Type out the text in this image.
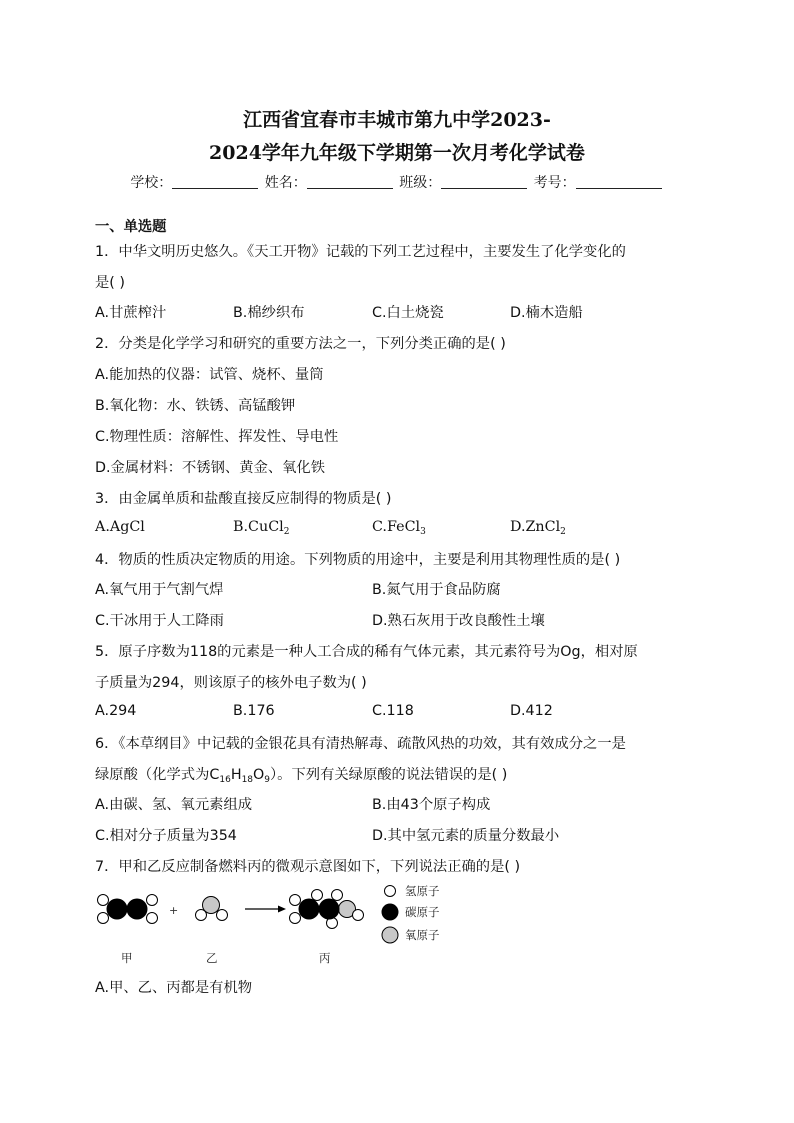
江西省宜春市丰城市第九中学2023-
2024学年九年级下学期第一次月考化学试卷
学校：	姓名：	班级：	考号：
一、单选题
1．中华文明历史悠久。《天工开物》记载的下列工艺过程中，主要发生了化学变化的
是( )
A.甘蔗榨汁	B.棉纱织布	C.白土烧瓷	D.楠木造船
2．分类是化学学习和研究的重要方法之一，下列分类正确的是( )
A.能加热的仪器：试管、烧杯、量筒
B.氧化物：水、铁锈、高锰酸钾
C.物理性质：溶解性、挥发性、导电性
D.金属材料：不锈钢、黄金、氧化铁
3．由金属单质和盐酸直接反应制得的物质是( )
A.AgCl	B.CuCl$_2$	C.FeCl$_3$	D.ZnCl$_2$
4．物质的性质决定物质的用途。下列物质的用途中，主要是利用其物理性质的是( )
A.氧气用于气割气焊	B.氮气用于食品防腐
C.干冰用于人工降雨	D.熟石灰用于改良酸性土壤
5．原子序数为118的元素是一种人工合成的稀有气体元素，其元素符号为Og，相对原
子质量为294，则该原子的核外电子数为( )
A.294	B.176	C.118	D.412
6．《本草纲目》中记载的金银花具有清热解毒、疏散风热的功效，其有效成分之一是
绿原酸（化学式为$C_{16}H_{18}O_9$）。下列有关绿原酸的说法错误的是( )
A.由碳、氢、氧元素组成	B.由43个原子构成
C.相对分子质量为354	D.其中氢元素的质量分数最小
7．甲和乙反应制备燃料丙的微观示意图如下，下列说法正确的是( )
+
氢原子
碳原子
氧原子
甲	乙	丙
A.甲、乙、丙都是有机物
